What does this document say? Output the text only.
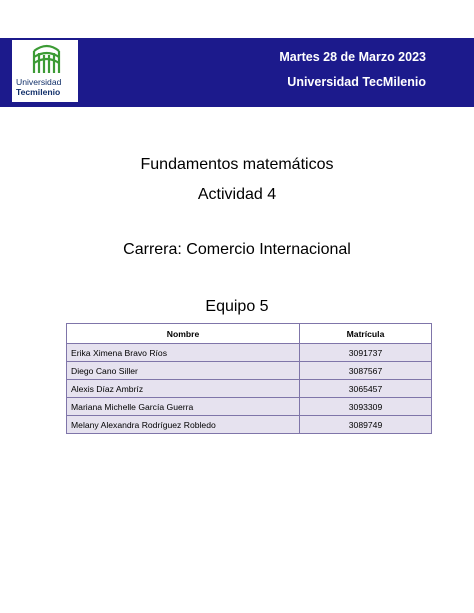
Universidad
Tecmilenio
Martes 28 de Marzo 2023
Universidad TecMilenio
Fundamentos matemáticos
Actividad 4
Carrera: Comercio Internacional
Equipo 5
Nombre	Matrícula
Erika Ximena Bravo Ríos	3091737
Diego Cano Siller	3087567
Alexis Díaz Ambríz	3065457
Mariana Michelle García Guerra	3093309
Melany Alexandra Rodríguez Robledo	3089749
